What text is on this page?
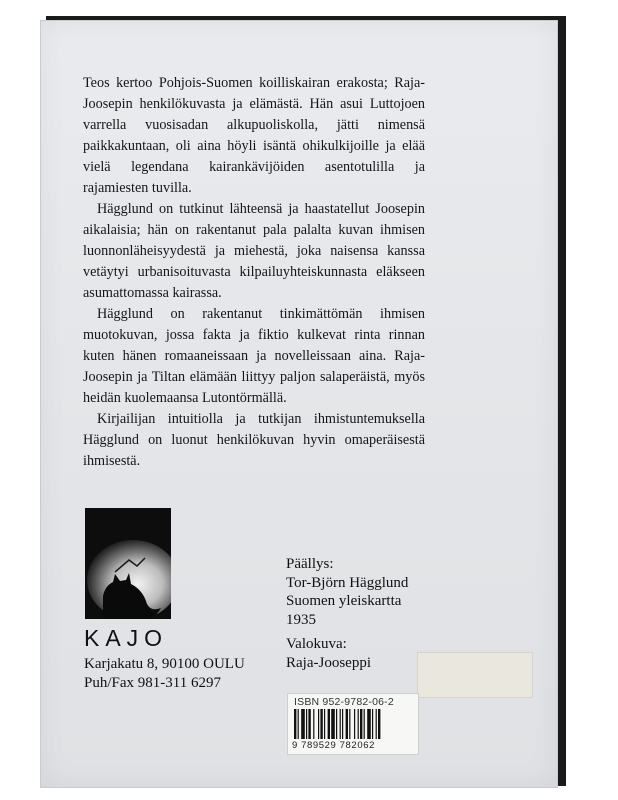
Teos kertoo Pohjois-Suomen koilliskairan erakosta; Raja-Joosepin henkilökuvasta ja elämästä. Hän asui Luttojoen varrella vuosisadan alkupuoliskolla, jätti nimensä paikkakuntaan, oli aina höyli isäntä ohikulkijoille ja elää vielä legendana kairankävijöiden asentotulilla ja rajamiesten tuvilla.

Hägglund on tutkinut lähteensä ja haastatellut Joosepin aikalaisia; hän on rakentanut pala palalta kuvan ihmisen luonnonläheisyydestä ja miehestä, joka naisensa kanssa vetäytyi urbanisoituvasta kilpailuyhteiskunnasta eläkseen asumattomassa kairassa.

Hägglund on rakentanut tinkimättömän ihmisen muotokuvan, jossa fakta ja fiktio kulkevat rinta rinnan kuten hänen romaaneissaan ja novelleissaan aina. Raja-Joosepin ja Tiltan elämään liittyy paljon salaperäistä, myös heidän kuolemaansa Lutontörmällä.

Kirjailijan intuitiolla ja tutkijan ihmistuntemuksella Hägglund on luonut henkilökuvan hyvin omaperäisestä ihmisestä.

KAJO
Karjakatu 8, 90100 OULU
Puh/Fax 981-311 6297
Päällys:
Tor-Björn Hägglund
Suomen yleiskartta
1935
Valokuva:
Raja-Jooseppi
ISBN 952-9782-06-2
9 789529 782062
